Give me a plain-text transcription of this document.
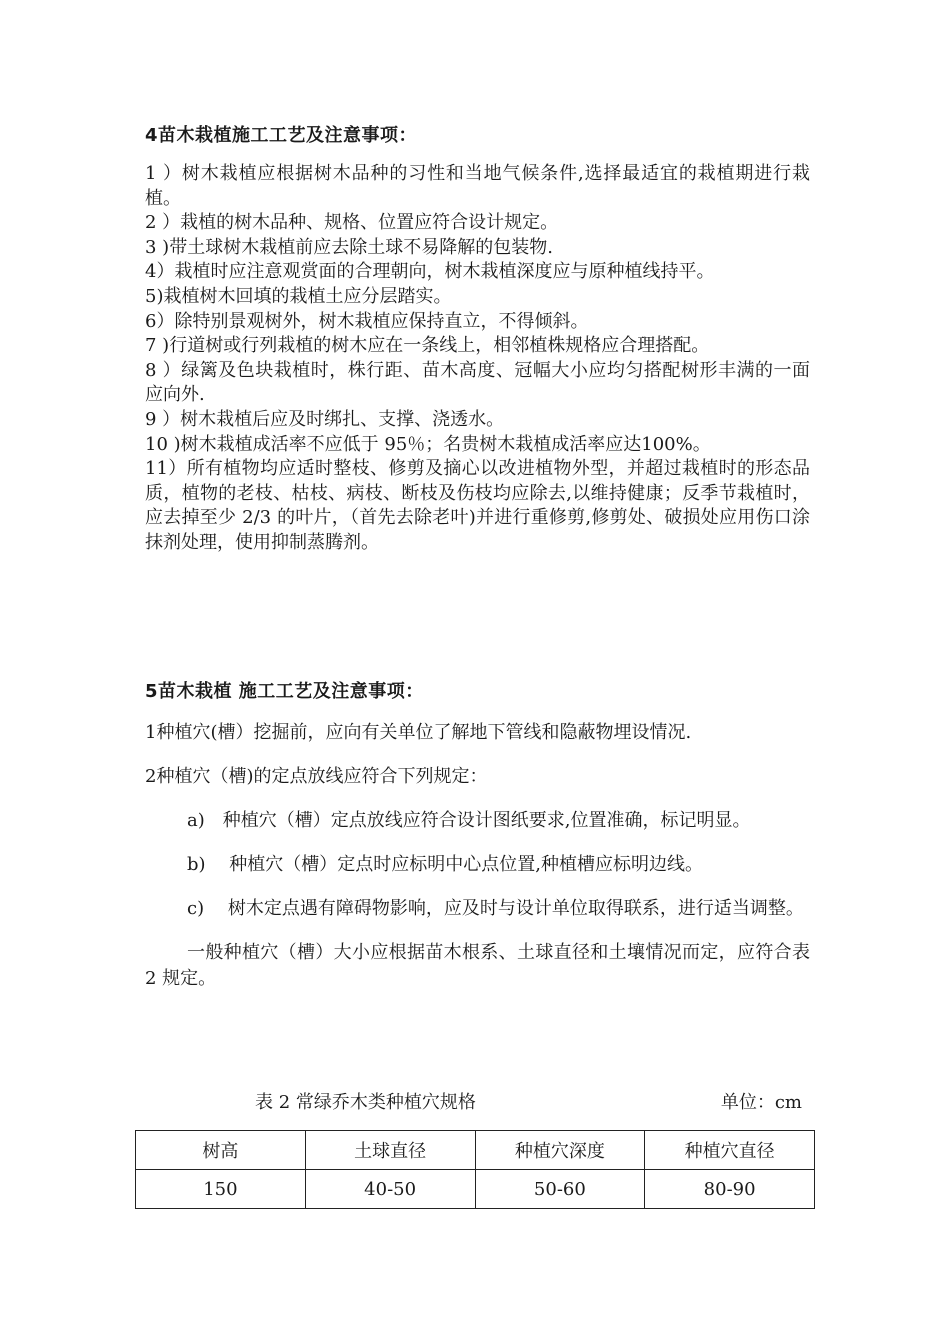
4苗木栽植施工工艺及注意事项：
1 ）树木栽植应根据树木品种的习性和当地气候条件,选择最适宜的栽植期进行栽植。
2 ）栽植的树木品种、规格、位置应符合设计规定。
3 )带土球树木栽植前应去除土球不易降解的包装物.
4）栽植时应注意观赏面的合理朝向，树木栽植深度应与原种植线持平。
5)栽植树木回填的栽植土应分层踏实。
6）除特别景观树外，树木栽植应保持直立，不得倾斜。
7 )行道树或行列栽植的树木应在一条线上，相邻植株规格应合理搭配。
8 ）绿篱及色块栽植时，株行距、苗木高度、冠幅大小应均匀搭配树形丰满的一面应向外.
9 ）树木栽植后应及时绑扎、支撑、浇透水。
10 )树木栽植成活率不应低于 95％；名贵树木栽植成活率应达100%。
11）所有植物均应适时整枝、修剪及摘心以改进植物外型，并超过栽植时的形态品质，植物的老枝、枯枝、病枝、断枝及伤枝均应除去,以维持健康；反季节栽植时，应去掉至少 2/3 的叶片，（首先去除老叶)并进行重修剪,修剪处、破损处应用伤口涂抹剂处理，使用抑制蒸腾剂。
5苗木栽植 施工工艺及注意事项：

1种植穴(槽）挖掘前，应向有关单位了解地下管线和隐蔽物埋设情况.

2种植穴（槽)的定点放线应符合下列规定：

a)　种植穴（槽）定点放线应符合设计图纸要求,位置准确，标记明显。

b)　 种植穴（槽）定点时应标明中心点位置,种植槽应标明边线。

c)　 树木定点遇有障碍物影响，应及时与设计单位取得联系，进行适当调整。

一般种植穴（槽）大小应根据苗木根系、土球直径和土壤情况而定，应符合表 2 规定。

表 2 常绿乔木类种植穴规格	单位：cm
树高	土球直径	种植穴深度	种植穴直径
150	40-50	50-60	80-90
